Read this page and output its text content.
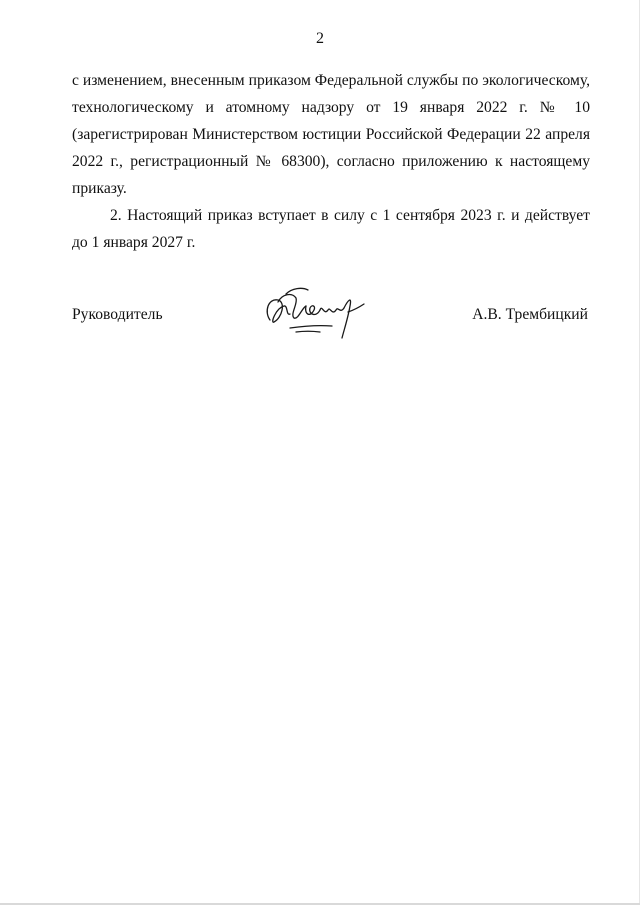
2

с изменением, внесенным приказом Федеральной службы по экологическому, технологическому и атомному надзору от 19 января 2022 г. № 10 (зарегистрирован Министерством юстиции Российской Федерации 22 апреля 2022 г., регистрационный № 68300), согласно приложению к настоящему приказу.

2. Настоящий приказ вступает в силу с 1 сентября 2023 г. и действует до 1 января 2027 г.

Руководитель	А.В. Трембицкий
